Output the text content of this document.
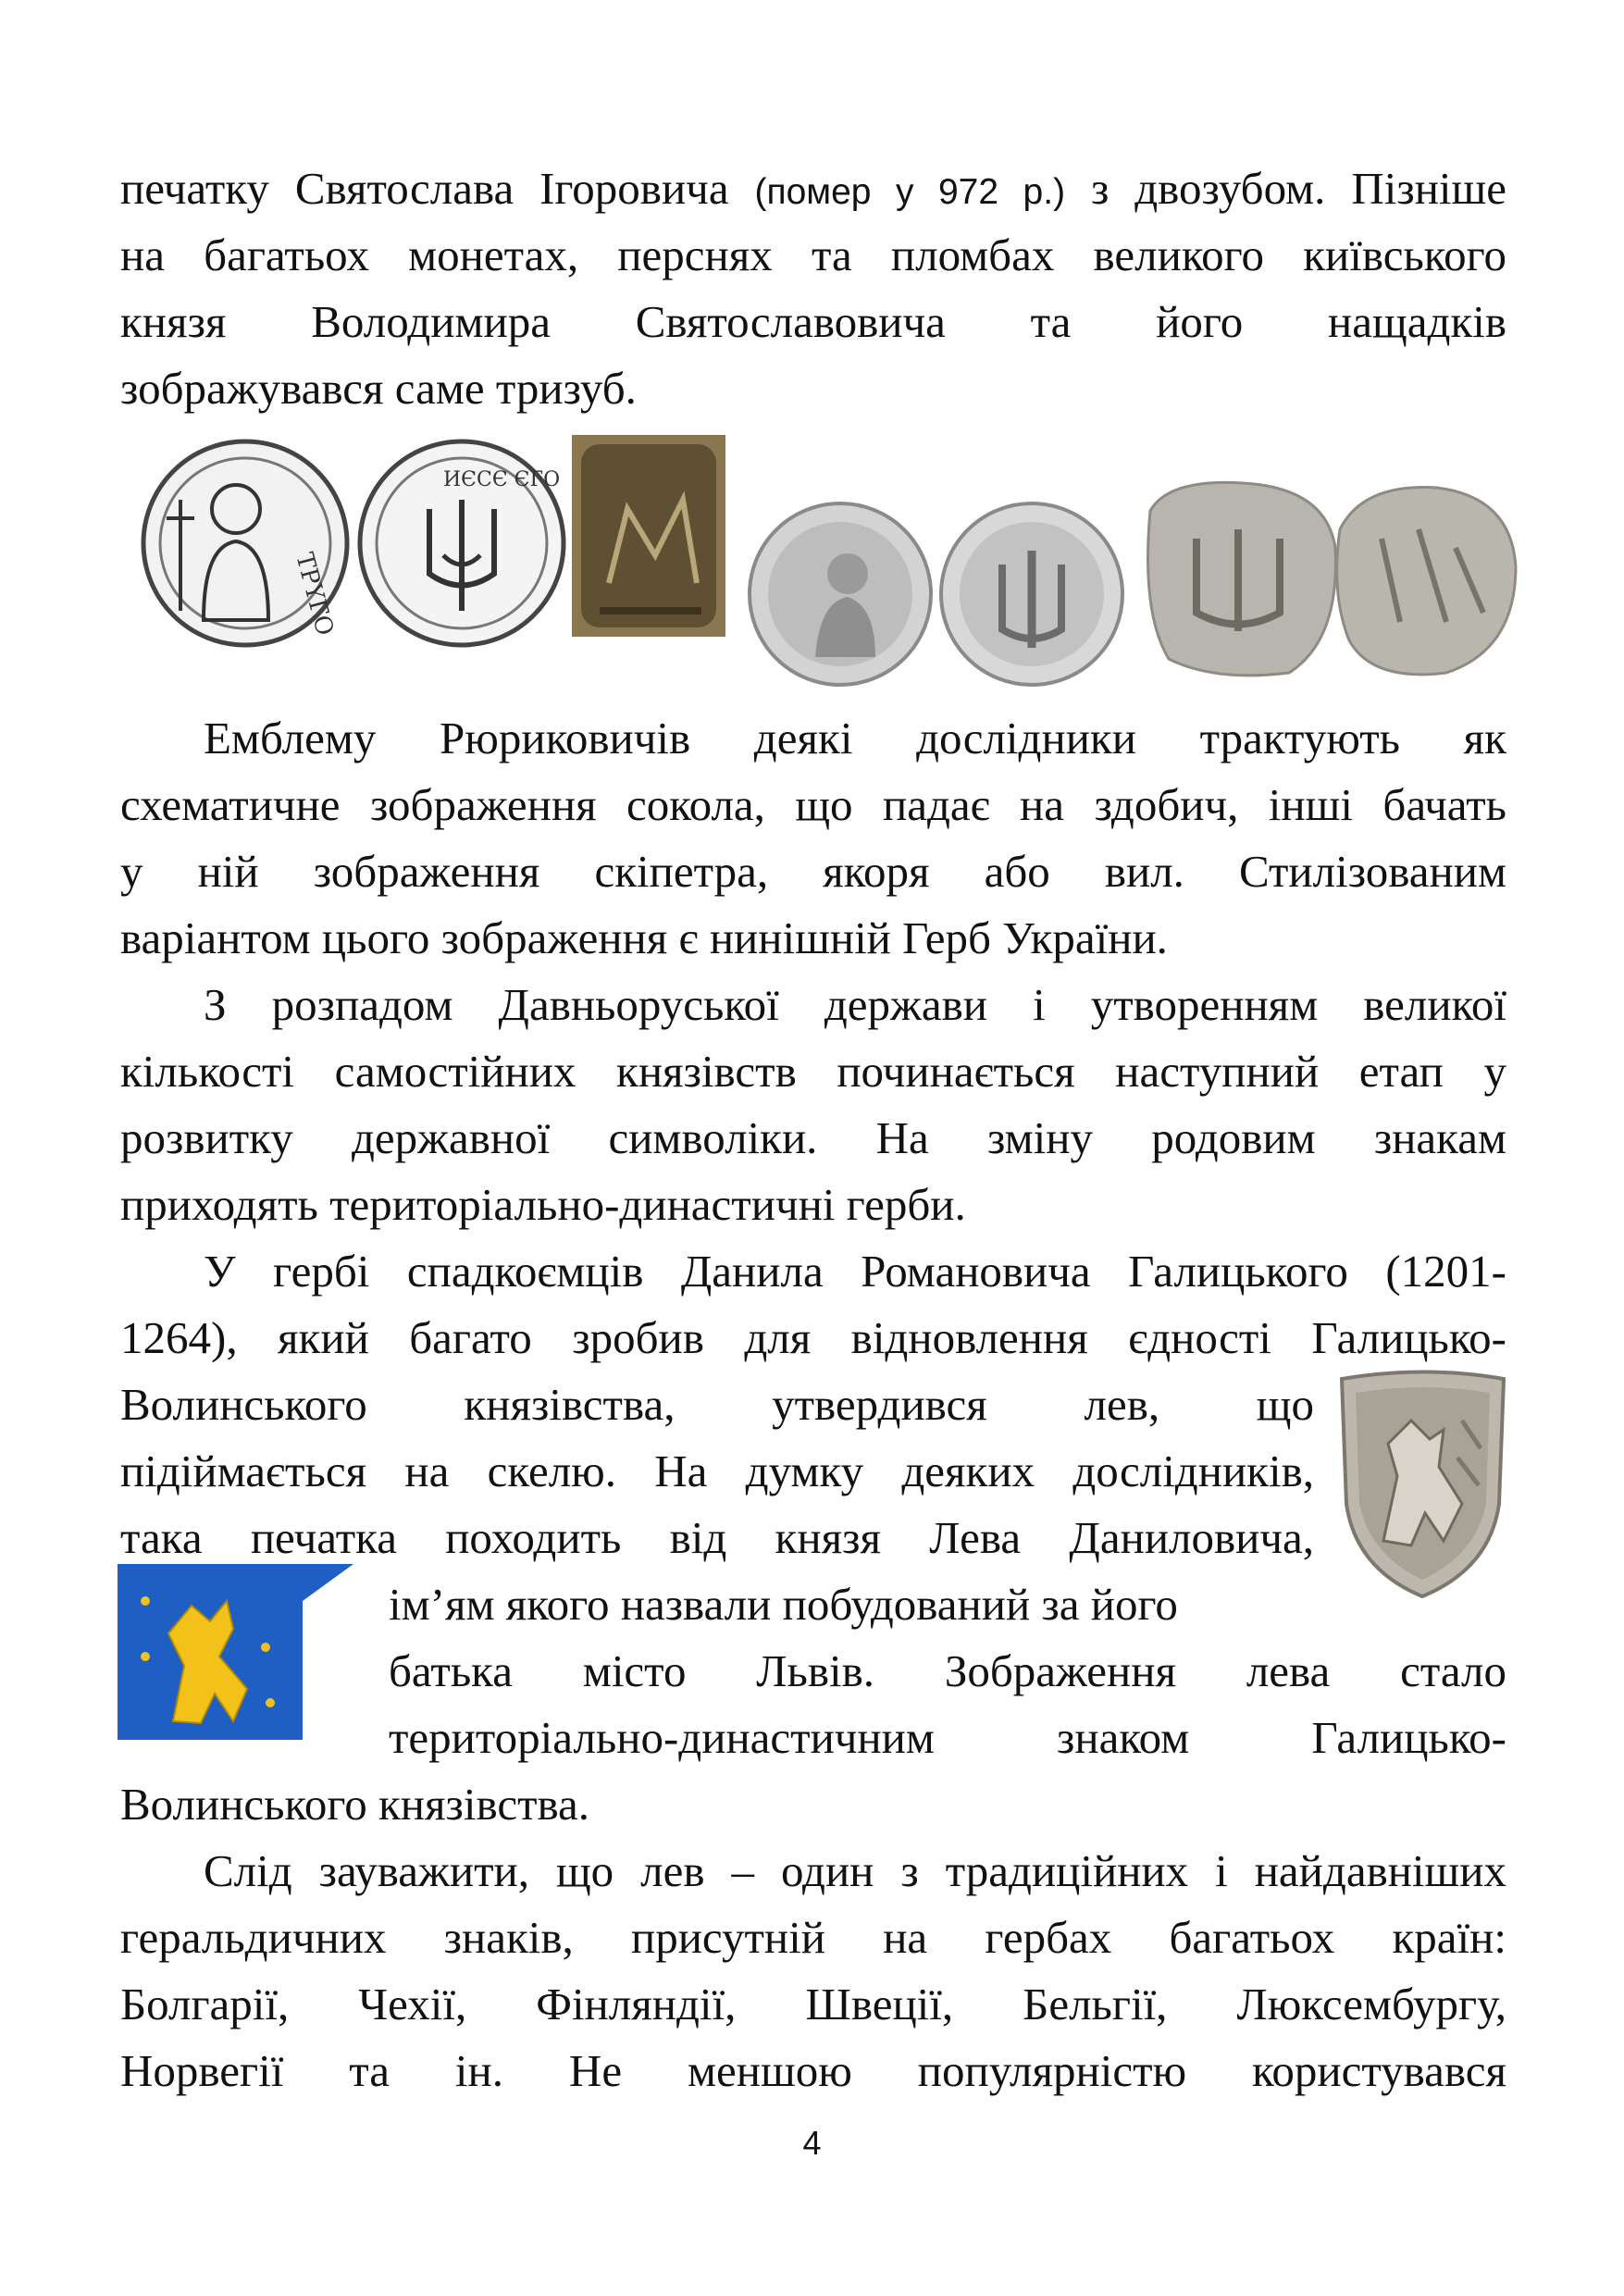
печатку Святослава Ігоровича (помер у 972 р.) з двозубом. Пізніше

на багатьох монетах, перснях та пломбах великого київського

князя Володимира Святославовича та його нащадків

зображувався саме тризуб.

ΤΡΥΓΟ
ИЄСЄ ЄГО

Емблему Рюриковичів деякі дослідники трактують як

схематичне зображення сокола, що падає на здобич, інші бачать

у ній зображення скіпетра, якоря або вил. Стилізованим

варіантом цього зображення є нинішній Герб України.

З розпадом Давньоруської держави і утворенням великої

кількості самостійних князівств починається наступний етап у

розвитку державної символіки. На зміну родовим знакам

приходять територіально-династичні герби.

У гербі спадкоємців Данила Романовича Галицького (1201-

1264), який багато зробив для відновлення єдності Галицько-

Волинського князівства, утвердився лев, що

підіймається на скелю. На думку деяких дослідників,

така печатка походить від князя Лева Даниловича,

ім’ям якого назвали побудований за його

батька місто Львів. Зображення лева стало

територіально-династичним знаком Галицько-

Волинського князівства.

Слід зауважити, що лев – один з традиційних і найдавніших

геральдичних знаків, присутній на гербах багатьох країн:

Болгарії, Чехії, Фінляндії, Швеції, Бельгії, Люксембургу,

Норвегії та ін. Не меншою популярністю користувався

4
